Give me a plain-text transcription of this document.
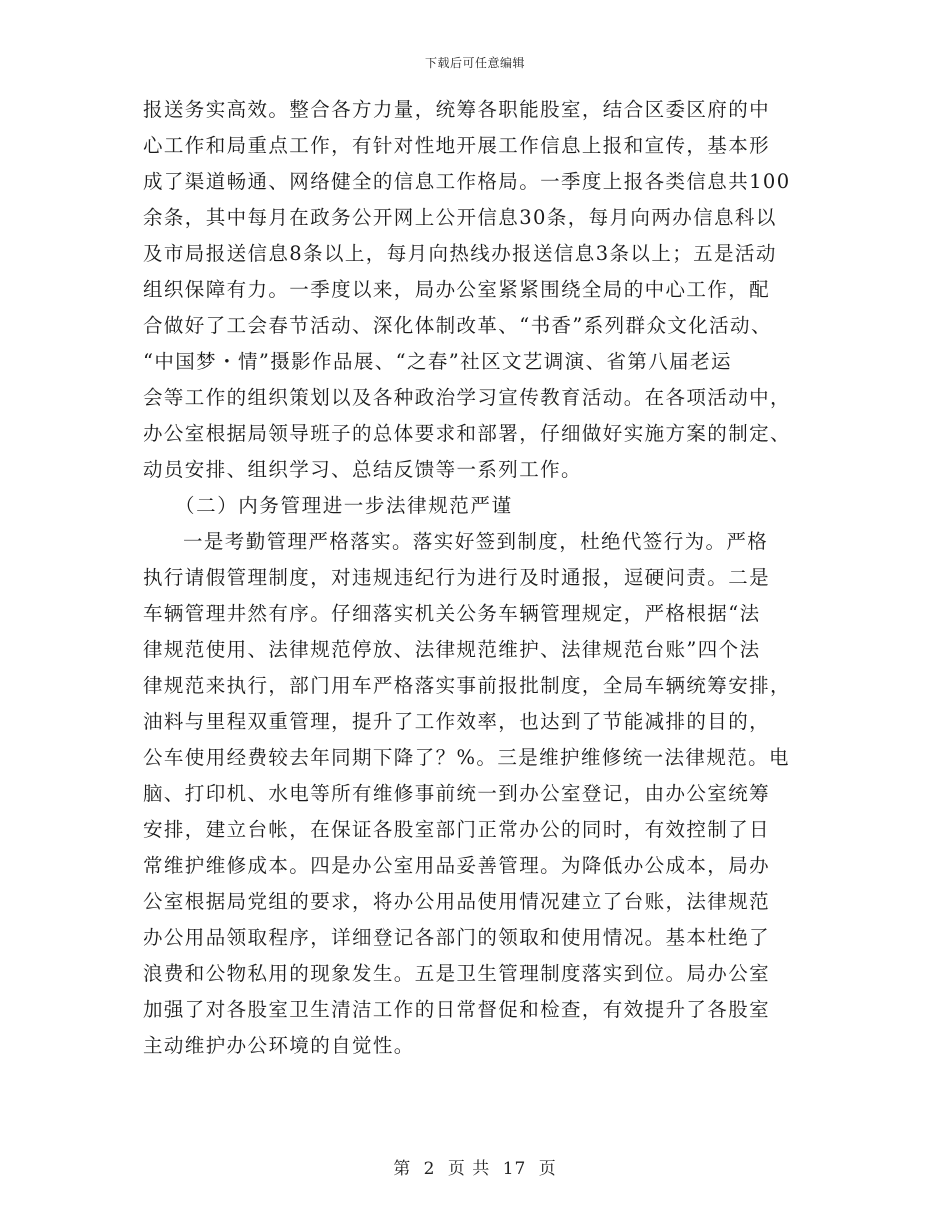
下载后可任意编辑
报送务实高效。整合各方力量，统筹各职能股室，结合区委区府的中
心工作和局重点工作，有针对性地开展工作信息上报和宣传，基本形
成了渠道畅通、网络健全的信息工作格局。一季度上报各类信息共100
余条，其中每月在政务公开网上公开信息30条，每月向两办信息科以
及市局报送信息8条以上，每月向热线办报送信息3条以上；五是活动
组织保障有力。一季度以来，局办公室紧紧围绕全局的中心工作，配
合做好了工会春节活动、深化体制改革、“书香”系列群众文化活动、
“中国梦・情”摄影作品展、“之春”社区文艺调演、省第八届老运
会等工作的组织策划以及各种政治学习宣传教育活动。在各项活动中，
办公室根据局领导班子的总体要求和部署，仔细做好实施方案的制定、
动员安排、组织学习、总结反馈等一系列工作。
（二）内务管理进一步法律规范严谨
一是考勤管理严格落实。落实好签到制度，杜绝代签行为。严格
执行请假管理制度，对违规违纪行为进行及时通报，逗硬问责。二是
车辆管理井然有序。仔细落实机关公务车辆管理规定，严格根据“法
律规范使用、法律规范停放、法律规范维护、法律规范台账”四个法
律规范来执行，部门用车严格落实事前报批制度，全局车辆统筹安排，
油料与里程双重管理，提升了工作效率，也达到了节能减排的目的，
公车使用经费较去年同期下降了？%。三是维护维修统一法律规范。电
脑、打印机、水电等所有维修事前统一到办公室登记，由办公室统筹
安排，建立台帐，在保证各股室部门正常办公的同时，有效控制了日
常维护维修成本。四是办公室用品妥善管理。为降低办公成本，局办
公室根据局党组的要求，将办公用品使用情况建立了台账，法律规范
办公用品领取程序，详细登记各部门的领取和使用情况。基本杜绝了
浪费和公物私用的现象发生。五是卫生管理制度落实到位。局办公室
加强了对各股室卫生清洁工作的日常督促和检查，有效提升了各股室
主动维护办公环境的自觉性。
第 2 页 共 17 页
